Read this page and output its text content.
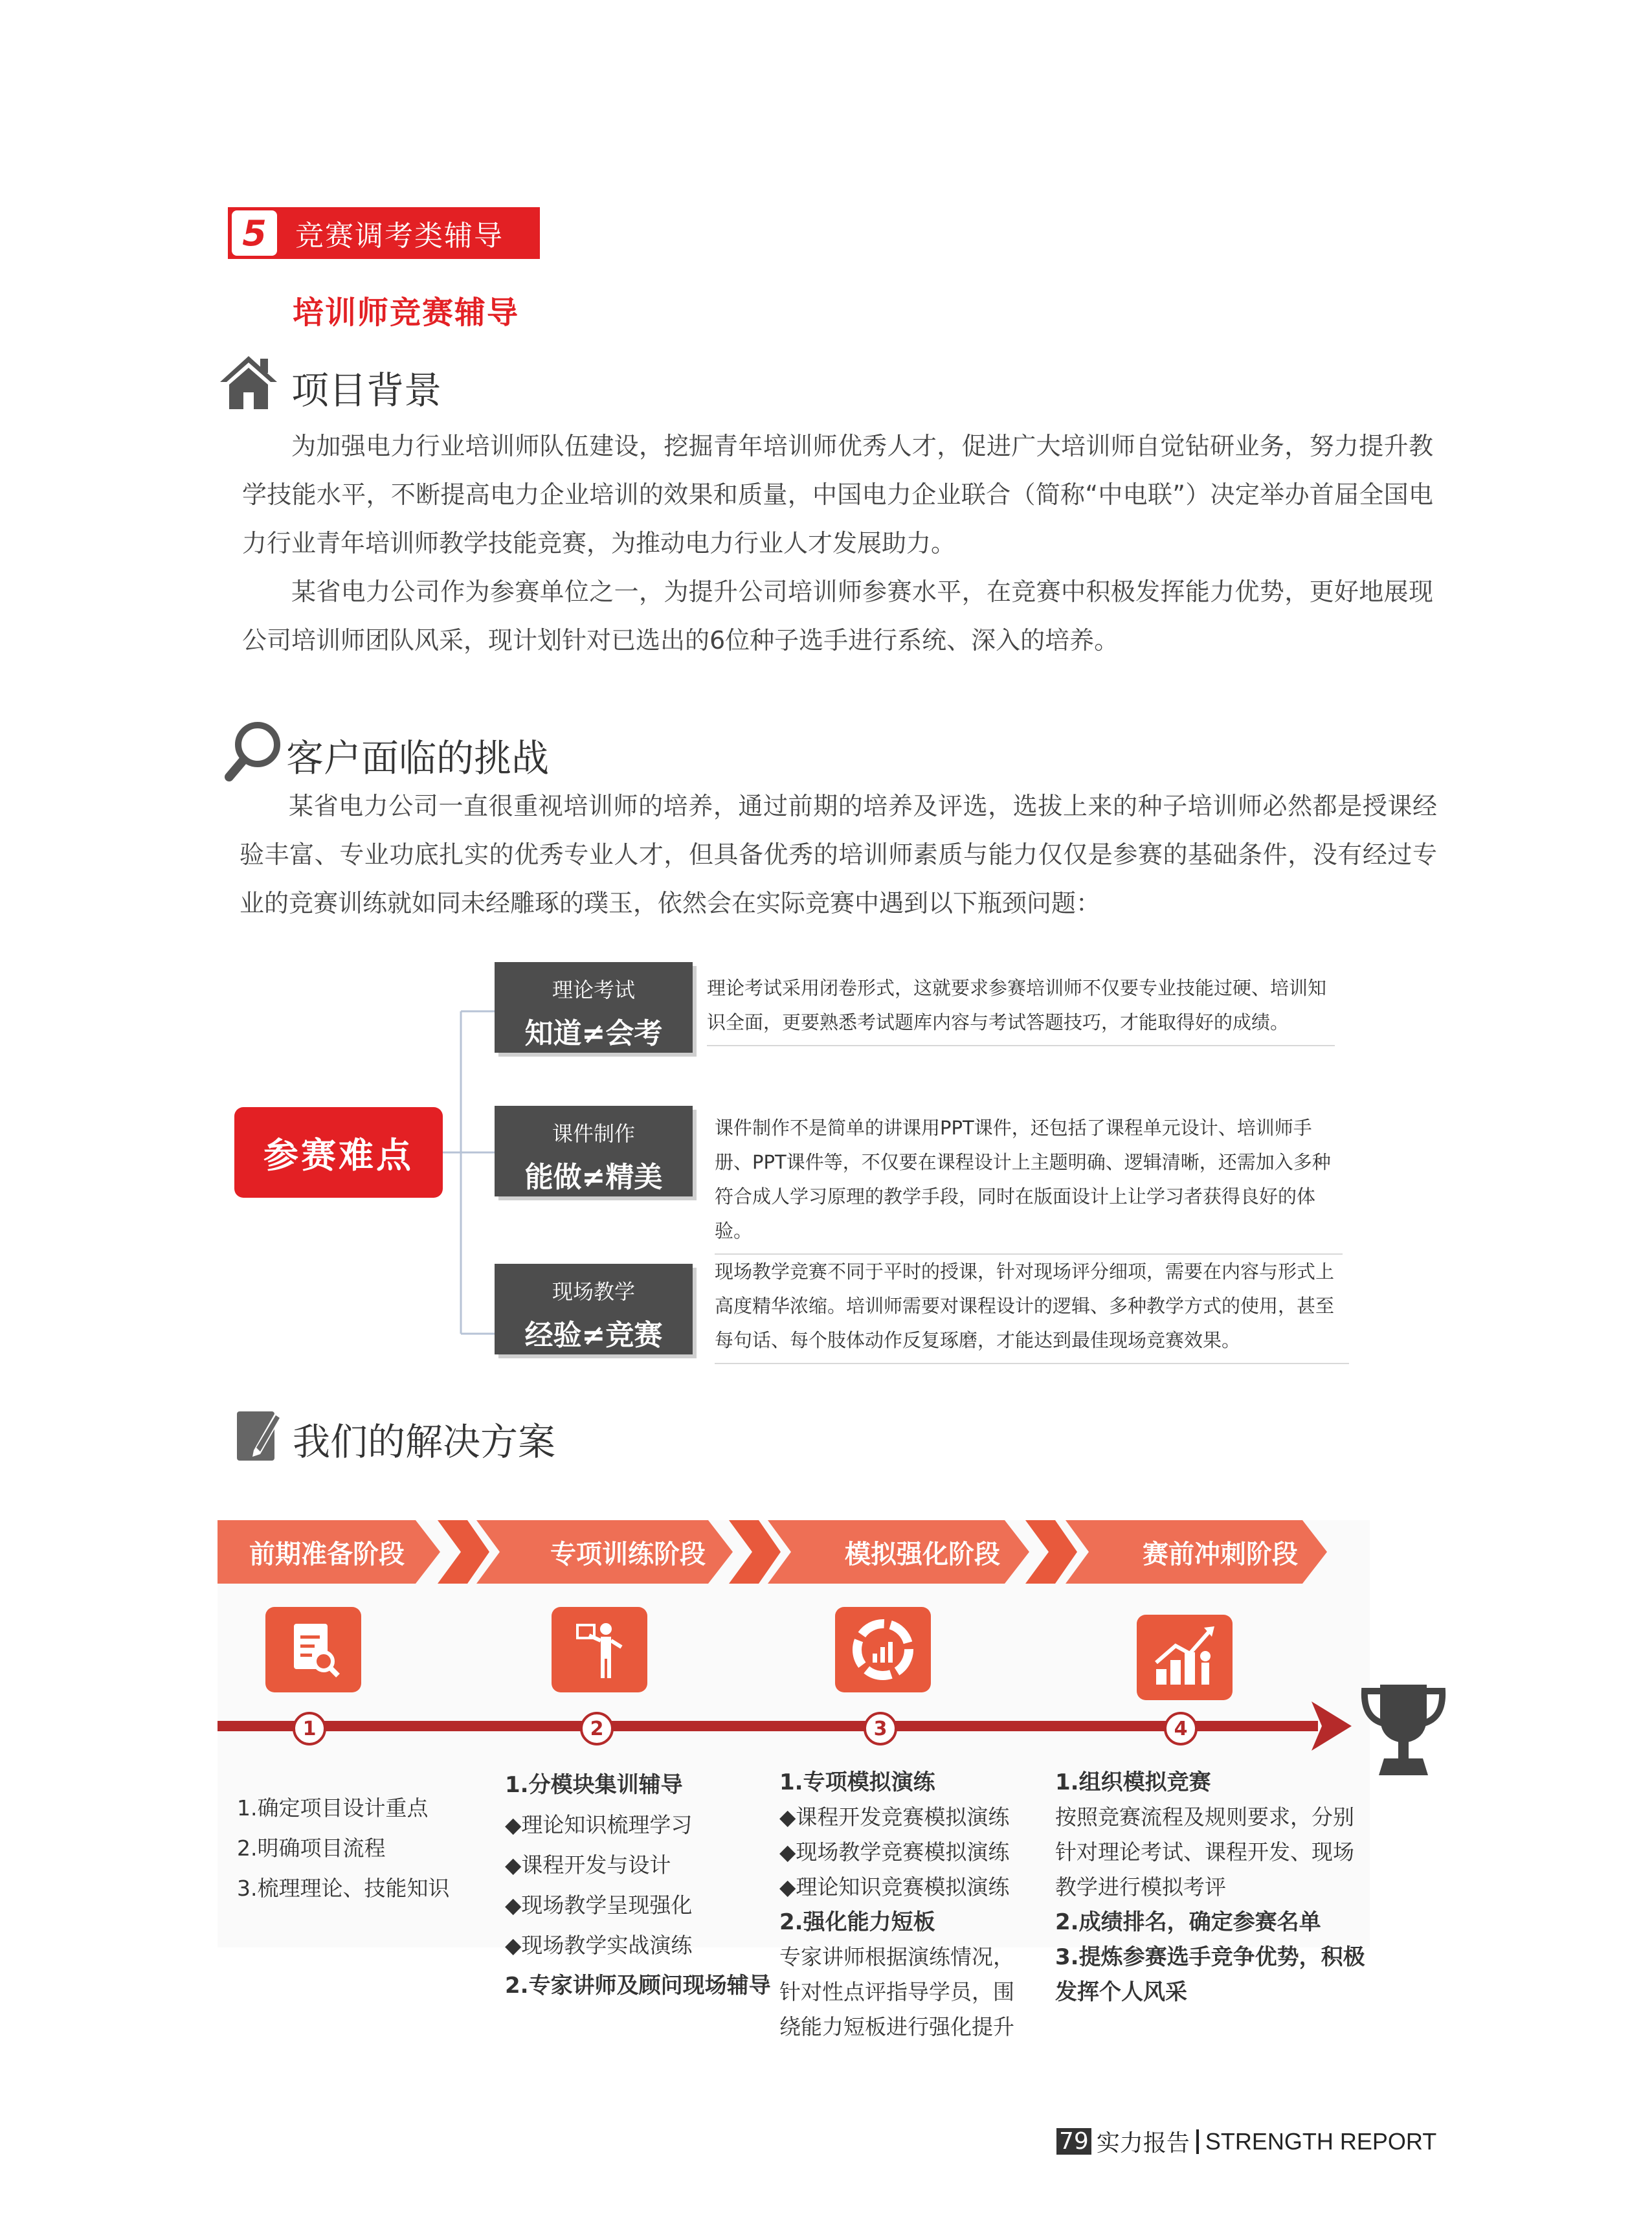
5	竞赛调考类辅导
培训师竞赛辅导
项目背景
为加强电力行业培训师队伍建设，挖掘青年培训师优秀人才，促进广大培训师自觉钻研业务，努力提升教学技能水平，不断提高电力企业培训的效果和质量，中国电力企业联合（简称“中电联”）决定举办首届全国电力行业青年培训师教学技能竞赛，为推动电力行业人才发展助力。
某省电力公司作为参赛单位之一，为提升公司培训师参赛水平，在竞赛中积极发挥能力优势，更好地展现公司培训师团队风采，现计划针对已选出的6位种子选手进行系统、深入的培养。
客户面临的挑战
某省电力公司一直很重视培训师的培养，通过前期的培养及评选，选拔上来的种子培训师必然都是授课经验丰富、专业功底扎实的优秀专业人才，但具备优秀的培训师素质与能力仅仅是参赛的基础条件，没有经过专业的竞赛训练就如同未经雕琢的璞玉，依然会在实际竞赛中遇到以下瓶颈问题：
参赛难点
理论考试
知道≠会考
理论考试采用闭卷形式，这就要求参赛培训师不仅要专业技能过硬、培训知识全面，更要熟悉考试题库内容与考试答题技巧，才能取得好的成绩。
课件制作
能做≠精美
课件制作不是简单的讲课用PPT课件，还包括了课程单元设计、培训师手册、PPT课件等，不仅要在课程设计上主题明确、逻辑清晰，还需加入多种符合成人学习原理的教学手段，同时在版面设计上让学习者获得良好的体验。
现场教学
经验≠竞赛
现场教学竞赛不同于平时的授课，针对现场评分细项，需要在内容与形式上高度精华浓缩。培训师需要对课程设计的逻辑、多种教学方式的使用，甚至每句话、每个肢体动作反复琢磨，才能达到最佳现场竞赛效果。
我们的解决方案
前期准备阶段	专项训练阶段	模拟强化阶段	赛前冲刺阶段
1	2	3	4
1.确定项目设计重点
2.明确项目流程
3.梳理理论、技能知识
1.分模块集训辅导
◆理论知识梳理学习
◆课程开发与设计
◆现场教学呈现强化
◆现场教学实战演练
2.专家讲师及顾问现场辅导
1.专项模拟演练
◆课程开发竞赛模拟演练
◆现场教学竞赛模拟演练
◆理论知识竞赛模拟演练
2.强化能力短板
专家讲师根据演练情况，
针对性点评指导学员，围
绕能力短板进行强化提升
1.组织模拟竞赛
按照竞赛流程及规则要求，分别
针对理论考试、课程开发、现场
教学进行模拟考评
2.成绩排名，确定参赛名单
3.提炼参赛选手竞争优势，积极
发挥个人风采
79 实力报告 STRENGTH REPORT
